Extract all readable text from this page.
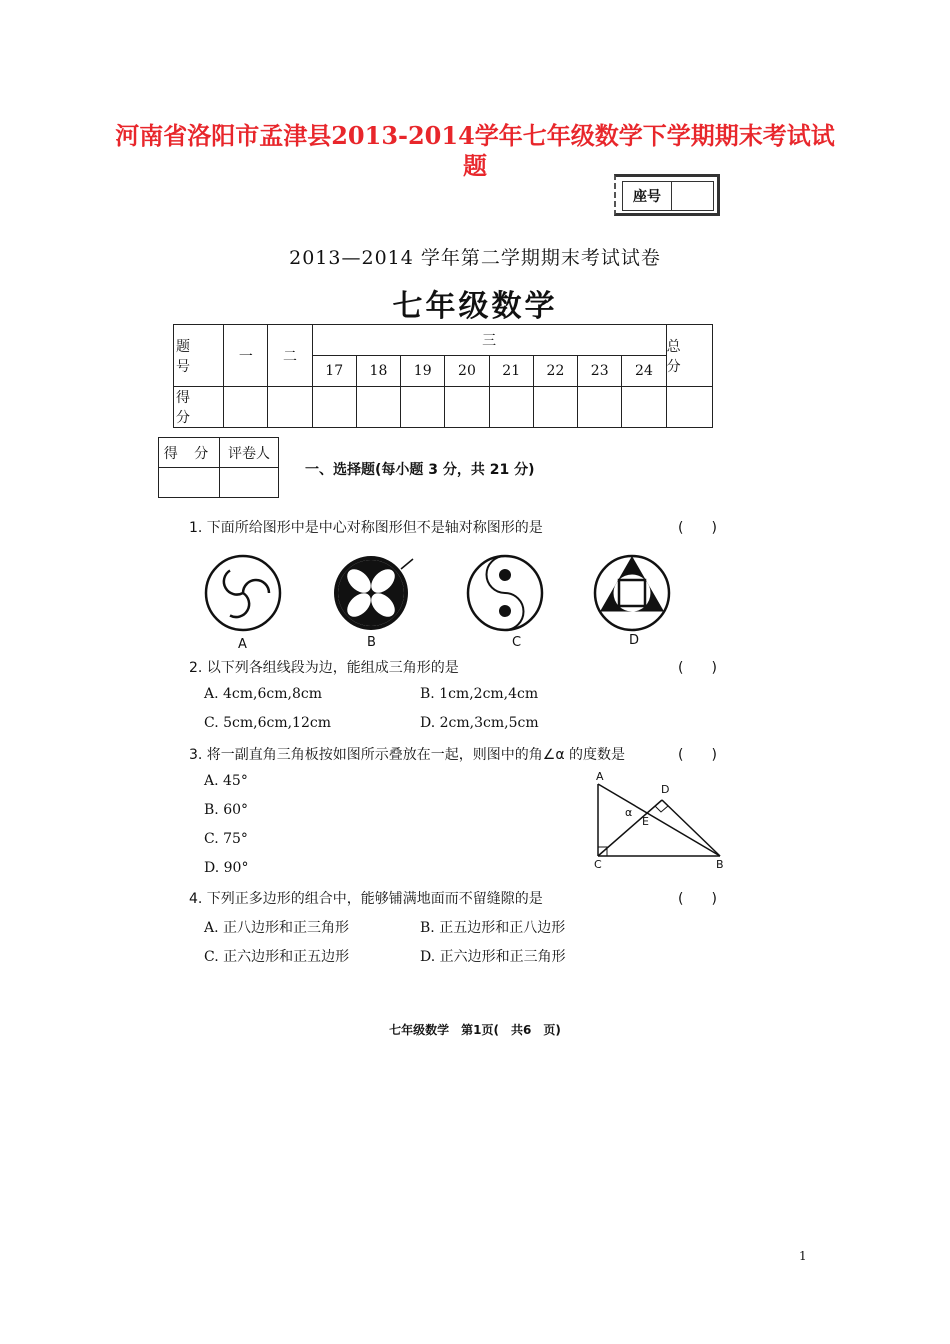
河南省洛阳市孟津县2013-2014学年七年级数学下学期期末考试试
题
座号
2013—2014 学年第二学期期末考试试卷
七年级数学
题 号	一	二	三								总 分
			17	18	19	20	21	22	23	24	
得 分											
得 分	评卷人

一、选择题(每小题 3 分，共 21 分)
1. 下面所给图形中是中心对称图形但不是轴对称图形的是	(　　)
A	B	C	D
2. 以下列各组线段为边，能组成三角形的是	(　　)
A. 4cm,6cm,8cm	B. 1cm,2cm,4cm
C. 5cm,6cm,12cm	D. 2cm,3cm,5cm
3. 将一副直角三角板按如图所示叠放在一起，则图中的角∠α 的度数是	(　　)
A. 45°
B. 60°
C. 75°
D. 90°
A
B
C
D
E
α
4. 下列正多边形的组合中，能够铺满地面而不留缝隙的是	(　　)
A. 正八边形和正三角形	B. 正五边形和正八边形
C. 正六边形和正五边形	D. 正六边形和正三角形
七年级数学　第1页(　共6　页)
1
